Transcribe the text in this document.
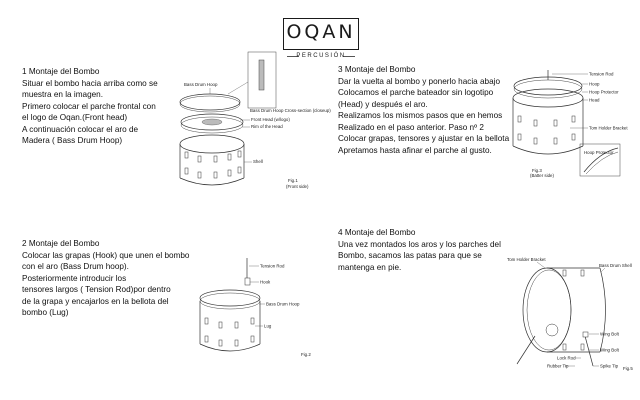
OQAN
PERCUSIÓN
1 Montaje del Bombo
Situar el bombo hacia arriba como se
muestra en la imagen.
Primero colocar el parche frontal con
el logo de Oqan.(Front head)
A continuación colocar el aro de
Madera ( Bass Drum Hoop)
3 Montaje del Bombo
Dar la vuelta al bombo y ponerlo hacia abajo
Colocamos el parche bateador sin logotipo
(Head) y después el aro.
Realizamos los mismos pasos que en hemos
Realizado en el paso anterior. Paso nº 2
Colocar grapas, tensores y ajustar en la bellota
Apretamos hasta afinar el parche al gusto.
2 Montaje del Bombo
Colocar las grapas (Hook) que unen el bombo
con el aro (Bass Drum hoop).
Posteriormente introducir los
tensores largos ( Tension Rod)por dentro
de la grapa y encajarlos en la bellota del
bombo (Lug)
4 Montaje del Bombo
Una vez montados los aros y los parches del
Bombo, sacamos las patas para que se
mantenga en pie.
Bass Drum Hoop
Bass Drum Hoop Cross-section (closeup)
Front Head (w/logo)
Rim of the Head
Shell
Fig.1
(Front side)
Tension Rod
Hoop
Hoop Protector
Head
Tom Holder Bracket
Hoop Protector
Fig.3
(Batter side)
Tension Rod
Hook
Bass Drum Hoop
Lug
Fig.2
Tom Holder Bracket
Bass Drum Shell
Wing Bolt
Wing Bolt
Lock Rod
Rubber Tip	Spike Tip Fig.5
